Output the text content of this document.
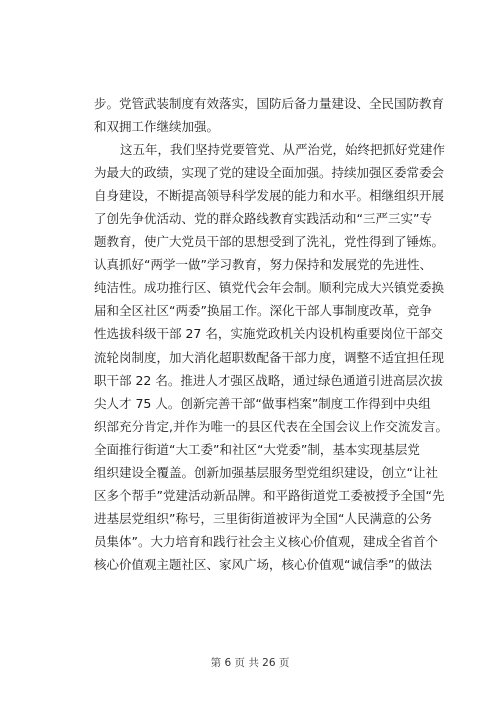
步。党管武装制度有效落实，国防后备力量建设、全民国防教育
和双拥工作继续加强。
这五年，我们坚持党要管党、从严治党，始终把抓好党建作
为最大的政绩，实现了党的建设全面加强。持续加强区委常委会
自身建设，不断提高领导科学发展的能力和水平。相继组织开展
了创先争优活动、党的群众路线教育实践活动和“三严三实”专
题教育，使广大党员干部的思想受到了洗礼，党性得到了锤炼。
认真抓好“两学一做”学习教育，努力保持和发展党的先进性、
纯洁性。成功推行区、镇党代会年会制。顺利完成大兴镇党委换
届和全区社区“两委”换届工作。深化干部人事制度改革，竞争
性选拔科级干部 27 名，实施党政机关内设机构重要岗位干部交
流轮岗制度，加大消化超职数配备干部力度，调整不适宜担任现
职干部 22 名。推进人才强区战略，通过绿色通道引进高层次拔
尖人才 75 人。创新完善干部“做事档案”制度工作得到中央组
织部充分肯定,并作为唯一的县区代表在全国会议上作交流发言。
全面推行街道“大工委”和社区“大党委”制，基本实现基层党
组织建设全覆盖。创新加强基层服务型党组织建设，创立“让社
区多个帮手”党建活动新品牌。和平路街道党工委被授予全国“先
进基层党组织”称号，三里街街道被评为全国“人民满意的公务
员集体”。大力培育和践行社会主义核心价值观，建成全省首个
核心价值观主题社区、家风广场，核心价值观“诚信季”的做法
第 6 页 共 26 页
